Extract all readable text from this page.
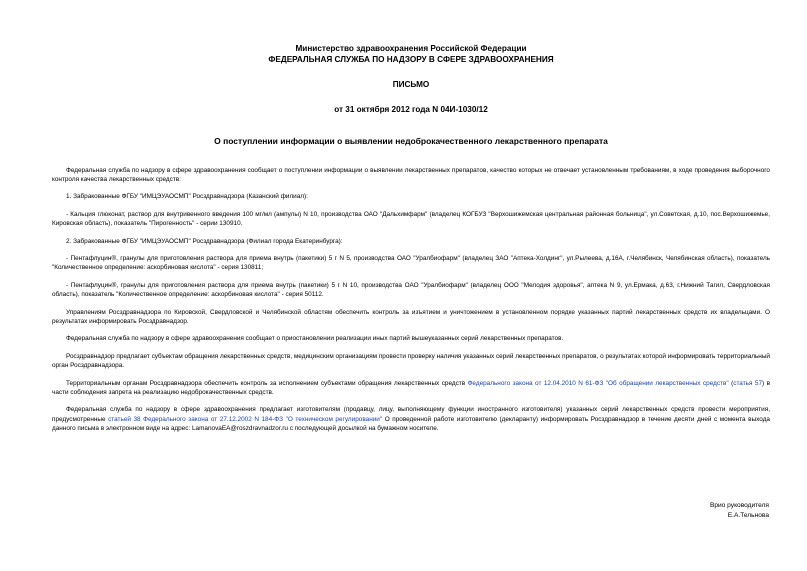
Министерство здравоохранения Российской Федерации
ФЕДЕРАЛЬНАЯ СЛУЖБА ПО НАДЗОРУ В СФЕРЕ ЗДРАВООХРАНЕНИЯ
ПИСЬМО
от 31 октября 2012 года N 04И-1030/12
О поступлении информации о выявлении недоброкачественного лекарственного препарата

Федеральная служба по надзору в сфере здравоохранения сообщает о поступлении информации о выявлении лекарственных препаратов, качество которых не отвечает установленным требованиям, в ходе проведения выборочного контроля качества лекарственных средств:

1. Забракованные ФГБУ "ИМЦЭУАОСМП" Росздравнадзора (Казанский филиал):

- Кальция глюконат, раствор для внутривенного введения 100 мг/мл (ампулы) N 10, производства ОАО "Дальхимфарм" (владелец КОГБУЗ "Верхошижемская центральная районная больница", ул.Советская, д.10, пос.Верхошижемье, Кировская область), показатель "Пирогенность" - серии 130910.

2. Забракованные ФГБУ "ИМЦЭУАОСМП" Росздравнадзора (Филиал города Екатеринбурга):

- Пентафлуцин®, гранулы для приготовления раствора для приема внутрь (пакетики) 5 г N 5, производства ОАО "Уралбиофарм" (владелец ЗАО "Аптека-Холдинг", ул.Рылеева, д.16А, г.Челябинск, Челябинская область), показатель "Количественное определение: аскорбиновая кислота" - серия 130811;

- Пентафлуцин®, гранулы для приготовления раствора для приема внутрь (пакетики) 5 г N 10, производства ОАО "Уралбиофарм" (владелец ООО "Мелодия здоровья", аптека N 9, ул.Ермака, д.63, г.Нижний Тагил, Свердловская область), показатель "Количественное определение: аскорбиновая кислота" - серия 50112.

Управлениям Росздравнадзора по Кировской, Свердловской и Челябинской областям обеспечить контроль за изъятием и уничтожением в установленном порядке указанных партий лекарственных средств их владельцами. О результатах информировать Росздравнадзор.

Федеральная служба по надзору в сфере здравоохранения сообщает о приостановлении реализации иных партий вышеуказанных серий лекарственных препаратов.

Росздравнадзор предлагает субъектам обращения лекарственных средств, медицинским организациям провести проверку наличия указанных серий лекарственных препаратов, о результатах которой информировать территориальный орган Росздравнадзора.

Территориальным органам Росздравнадзора обеспечить контроль за исполнением субъектами обращения лекарственных средств Федерального закона от 12.04.2010 N 61-ФЗ "Об обращении лекарственных средств" (статья 57) в части соблюдения запрета на реализацию недоброкачественных средств.

Федеральная служба по надзору в сфере здравоохранения предлагает изготовителям (продавцу, лицу, выполняющему функции иностранного изготовителя) указанных серий лекарственных средств провести мероприятия, предусмотренные статьей 38 Федерального закона от 27.12.2002 N 184-ФЗ "О техническом регулировании" О проведенной работе изготовителю (декларанту) информировать Росздравнадзор в течение десяти дней с момента выхода данного письма в электронном виде на адрес: LamanovaEA@roszdravnadzor.ru с последующей досылкой на бумажном носителе.

Врио руководителя
Е.А.Тельнова
